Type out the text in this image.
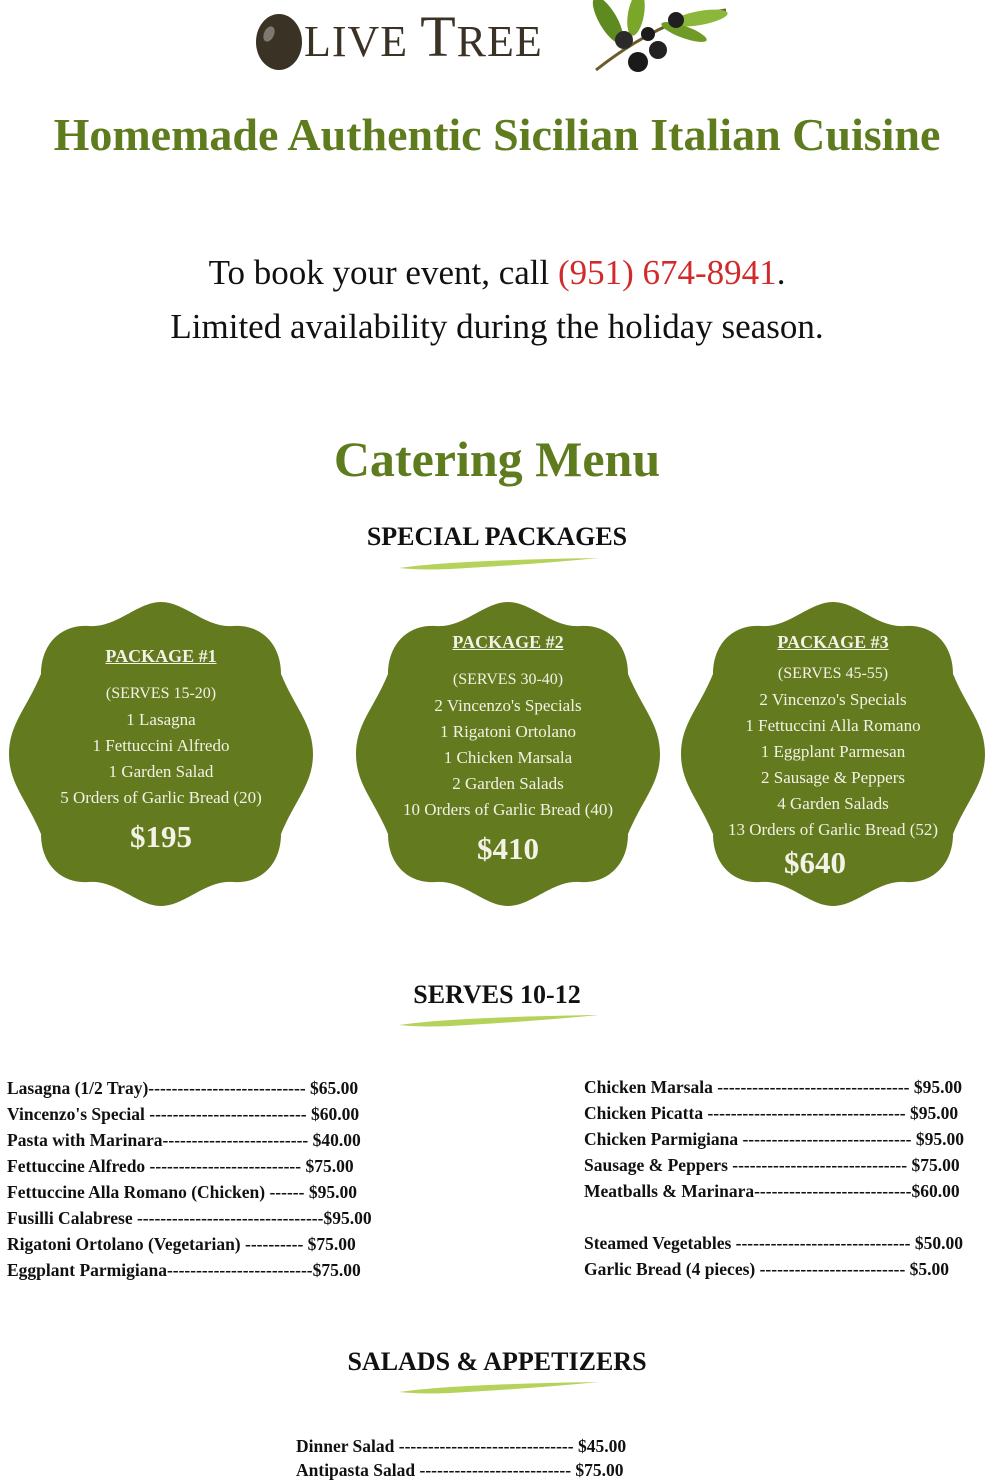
LIVE TREE
Homemade Authentic Sicilian Italian Cuisine
To book your event, call (951) 674-8941.
Limited availability during the holiday season.
Catering Menu
SPECIAL PACKAGES
PACKAGE #1
(SERVES 15-20)
1 Lasagna
1 Fettuccini Alfredo
1 Garden Salad
5 Orders of Garlic Bread (20)
$195
PACKAGE #2
(SERVES 30-40)
2 Vincenzo's Specials
1 Rigatoni Ortolano
1 Chicken Marsala
2 Garden Salads
10 Orders of Garlic Bread (40)
$410
PACKAGE #3
(SERVES 45-55)
2 Vincenzo's Specials
1 Fettuccini Alla Romano
1 Eggplant Parmesan
2 Sausage & Peppers
4 Garden Salads
13 Orders of Garlic Bread (52)
$640
SERVES 10-12
Lasagna (1/2 Tray)--------------------------- $65.00
Vincenzo's Special --------------------------- $60.00
Pasta with Marinara------------------------- $40.00
Fettuccine Alfredo -------------------------- $75.00
Fettuccine Alla Romano (Chicken) ------ $95.00
Fusilli Calabrese --------------------------------$95.00
Rigatoni Ortolano (Vegetarian) ---------- $75.00
Eggplant Parmigiana-------------------------$75.00
Chicken Marsala --------------------------------- $95.00
Chicken Picatta ---------------------------------- $95.00
Chicken Parmigiana ----------------------------- $95.00
Sausage & Peppers ------------------------------ $75.00
Meatballs & Marinara---------------------------$60.00
Steamed Vegetables ------------------------------ $50.00
Garlic Bread (4 pieces) ------------------------- $5.00
SALADS & APPETIZERS
Dinner Salad ------------------------------ $45.00
Antipasta Salad -------------------------- $75.00
